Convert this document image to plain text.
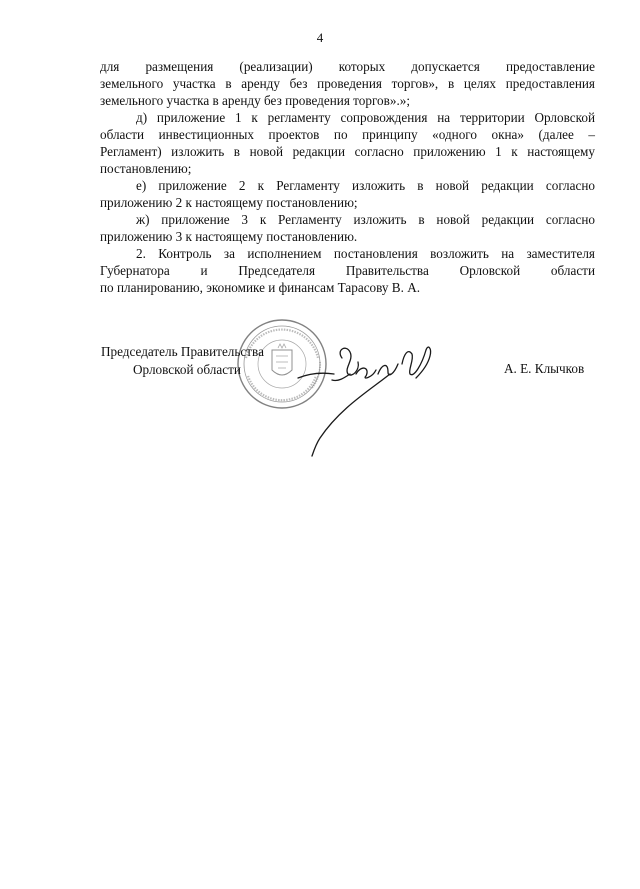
4

для размещения (реализации) которых допускается предоставление
земельного участка в аренду без проведения торгов», в целях предоставления
земельного участка в аренду без проведения торгов».»;

д) приложение 1 к регламенту сопровождения на территории Орловской
области инвестиционных проектов по принципу «одного окна» (далее –
Регламент) изложить в новой редакции согласно приложению 1 к настоящему
постановлению;

е) приложение 2 к Регламенту изложить в новой редакции согласно
приложению 2 к настоящему постановлению;

ж) приложение 3 к Регламенту изложить в новой редакции согласно
приложению 3 к настоящему постановлению.

2. Контроль за исполнением постановления возложить на заместителя
Губернатора и Председателя Правительства Орловской области
по планированию, экономике и финансам Тарасову В. А.

Председатель Правительства
Орловской области	А. Е. Клычков
